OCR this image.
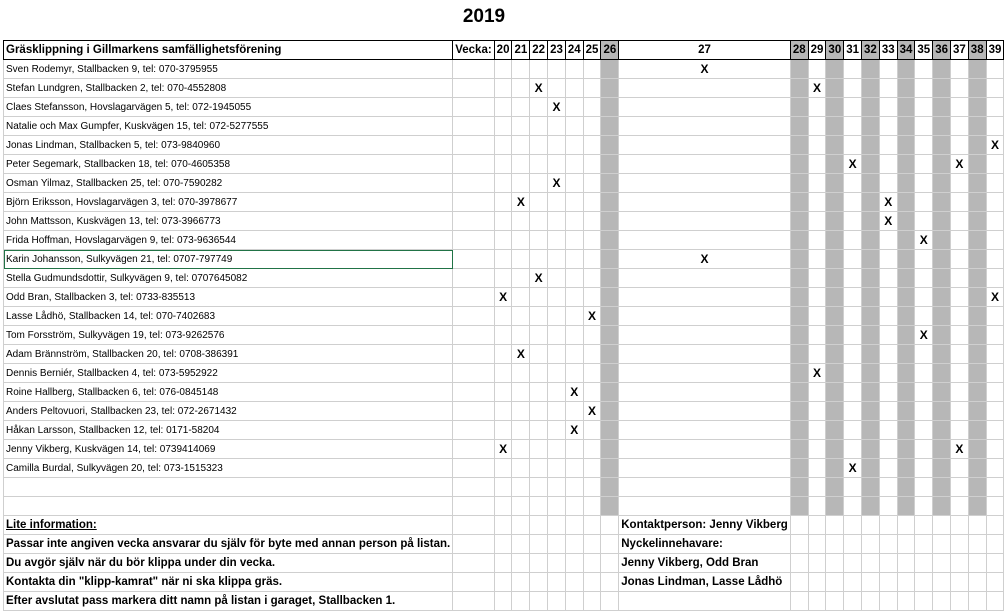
2019
Gräsklippning i Gillmarkens samfällighetsförening	Vecka:	20	21	22	23	24	25	26	27	28	29	30	31	32	33	34	35	36	37	38	39
Sven Rodemyr, Stallbacken 9, tel: 070-3795955									X												
Stefan Lundgren, Stallbacken 2, tel: 070-4552808				X							X										
Claes Stefansson, Hovslagarvägen 5, tel: 072-1945055					X																
Natalie och Max Gumpfer, Kuskvägen 15, tel: 072-5277555																					
Jonas Lindman, Stallbacken 5, tel: 073-9840960																					X
Peter Segemark, Stallbacken 18, tel: 070-4605358													X						X		
Osman Yilmaz, Stallbacken 25, tel: 070-7590282					X																
Björn Eriksson, Hovslagarvägen 3, tel: 070-3978677			X												X						
John Mattsson, Kuskvägen 13, tel: 073-3966773															X						
Frida Hoffman, Hovslagarvägen 9, tel: 073-9636544																	X				
Karin Johansson, Sulkyvägen 21, tel: 0707-797749									X												
Stella Gudmundsdottir, Sulkyvägen 9, tel: 0707645082				X																	
Odd Bran, Stallbacken 3, tel: 0733-835513		X																			X
Lasse Lådhö, Stallbacken 14, tel: 070-7402683							X														
Tom Forsström, Sulkyvägen 19, tel: 073-9262576																	X				
Adam Brännström, Stallbacken 20, tel: 0708-386391			X																		
Dennis Berniér, Stallbacken 4, tel: 073-5952922											X										
Roine Hallberg, Stallbacken 6, tel: 076-0845148						X															
Anders Peltovuori, Stallbacken 23, tel: 072-2671432							X														
Håkan Larsson, Stallbacken 12, tel: 0171-58204						X															
Jenny Vikberg, Kuskvägen 14, tel: 0739414069		X																	X		
Camilla Burdal, Sulkyvägen 20, tel: 073-1515323													X								

Lite information:									Kontaktperson: Jenny Vikberg												
Passar inte angiven vecka ansvarar du själv för byte med annan person på listan.									Nyckelinnehavare:												
Du avgör själv när du bör klippa under din vecka.									Jenny Vikberg, Odd Bran												
Kontakta din "klipp-kamrat" när ni ska klippa gräs.									Jonas Lindman, Lasse Lådhö												
Efter avslutat pass markera ditt namn på listan i garaget, Stallbacken 1.																					
